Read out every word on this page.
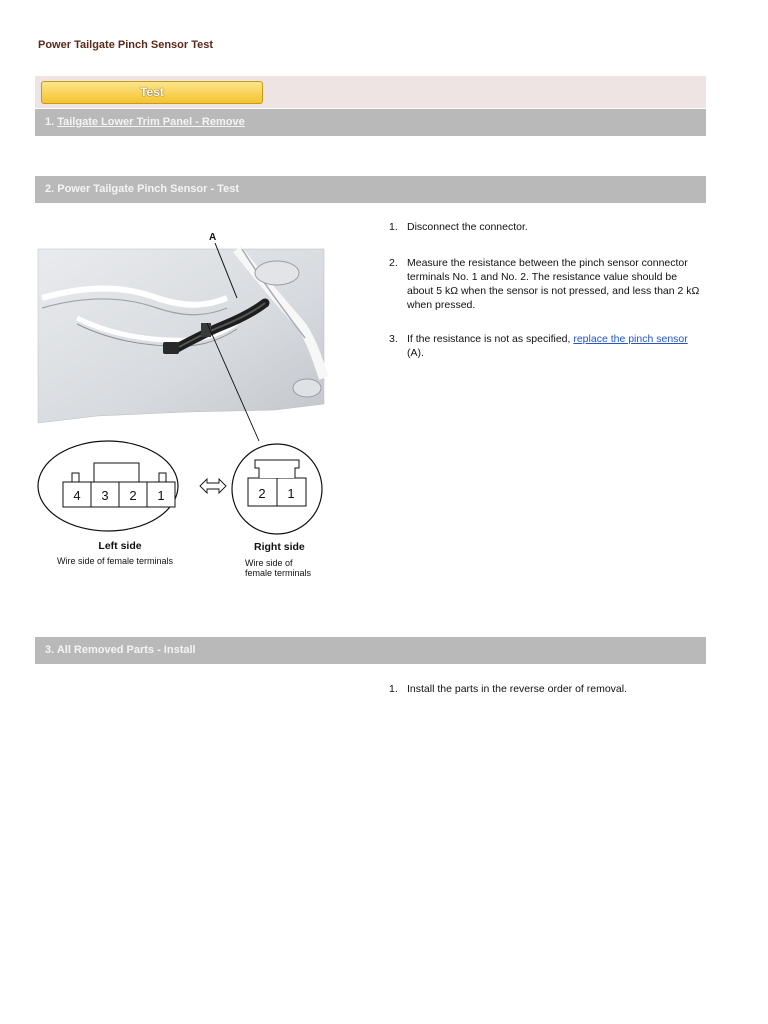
Power Tailgate Pinch Sensor Test
Test
1. Tailgate Lower Trim Panel - Remove
2. Power Tailgate Pinch Sensor - Test
A
4 3 2 1	2 1
Left side
Wire side of female terminals
Right side
Wire side of
female terminals
1. Disconnect the connector.
2. Measure the resistance between the pinch sensor connector terminals No. 1 and No. 2. The resistance value should be about 5 kΩ when the sensor is not pressed, and less than 2 kΩ when pressed.
3. If the resistance is not as specified, replace the pinch sensor (A).
3. All Removed Parts - Install
1. Install the parts in the reverse order of removal.
